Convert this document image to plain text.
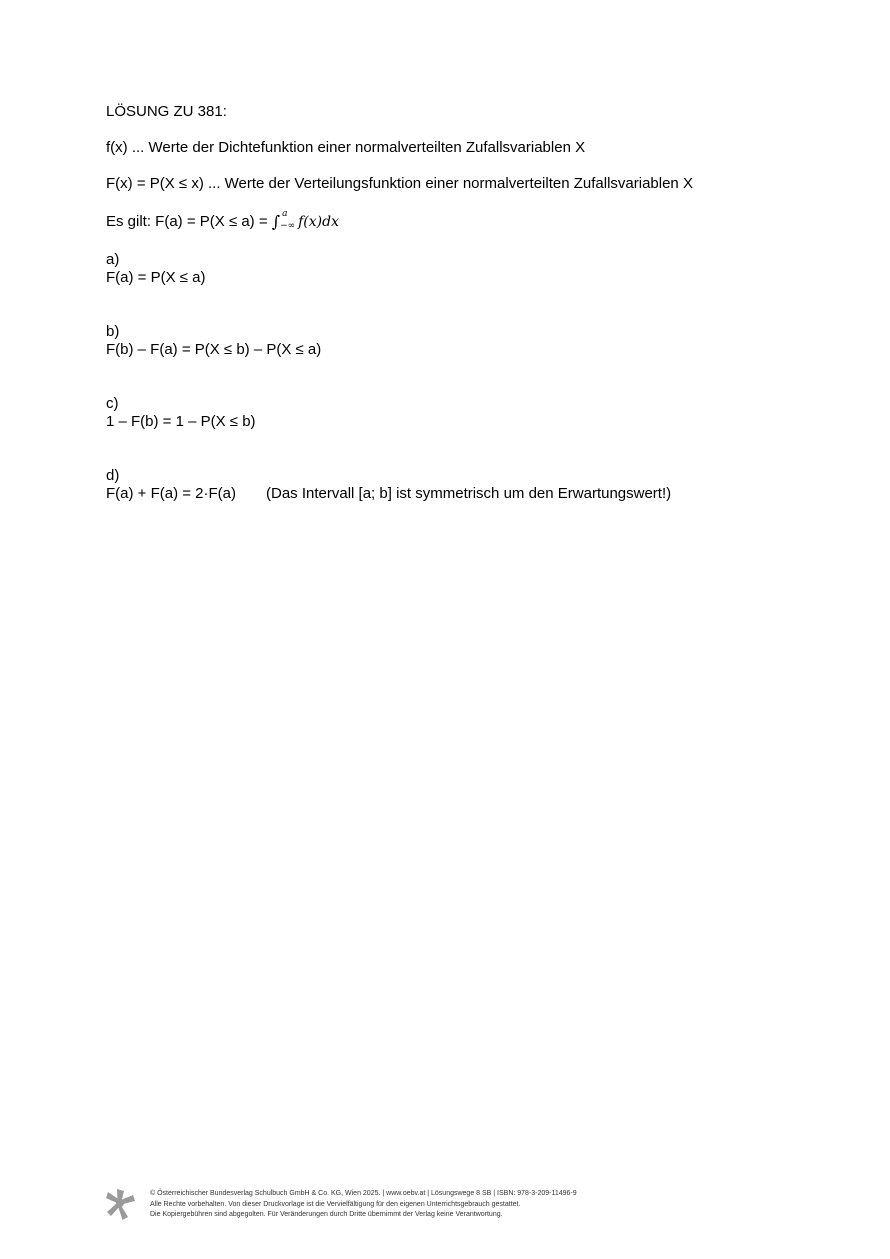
LÖSUNG ZU 381:
f(x) ... Werte der Dichtefunktion einer normalverteilten Zufallsvariablen X
F(x) = P(X ≤ x) ... Werte der Verteilungsfunktion einer normalverteilten Zufallsvariablen X
Es gilt: F(a) = P(X ≤ a) = ∫ a
−∞ f(x)dx
a)
F(a) = P(X ≤ a)
b)
F(b) – F(a) = P(X ≤ b) – P(X ≤ a)
c)
1 – F(b) = 1 – P(X ≤ b)
d)
F(a) + F(a) = 2·F(a) (Das Intervall [a; b] ist symmetrisch um den Erwartungswert!)
© Österreichischer Bundesverlag Schulbuch GmbH & Co. KG, Wien 2025. | www.oebv.at | Lösungswege 8 SB | ISBN: 978-3-209-11496-9
Alle Rechte vorbehalten. Von dieser Druckvorlage ist die Vervielfältigung für den eigenen Unterrichtsgebrauch gestattet.
Die Kopiergebühren sind abgegolten. Für Veränderungen durch Dritte übernimmt der Verlag keine Verantwortung.
